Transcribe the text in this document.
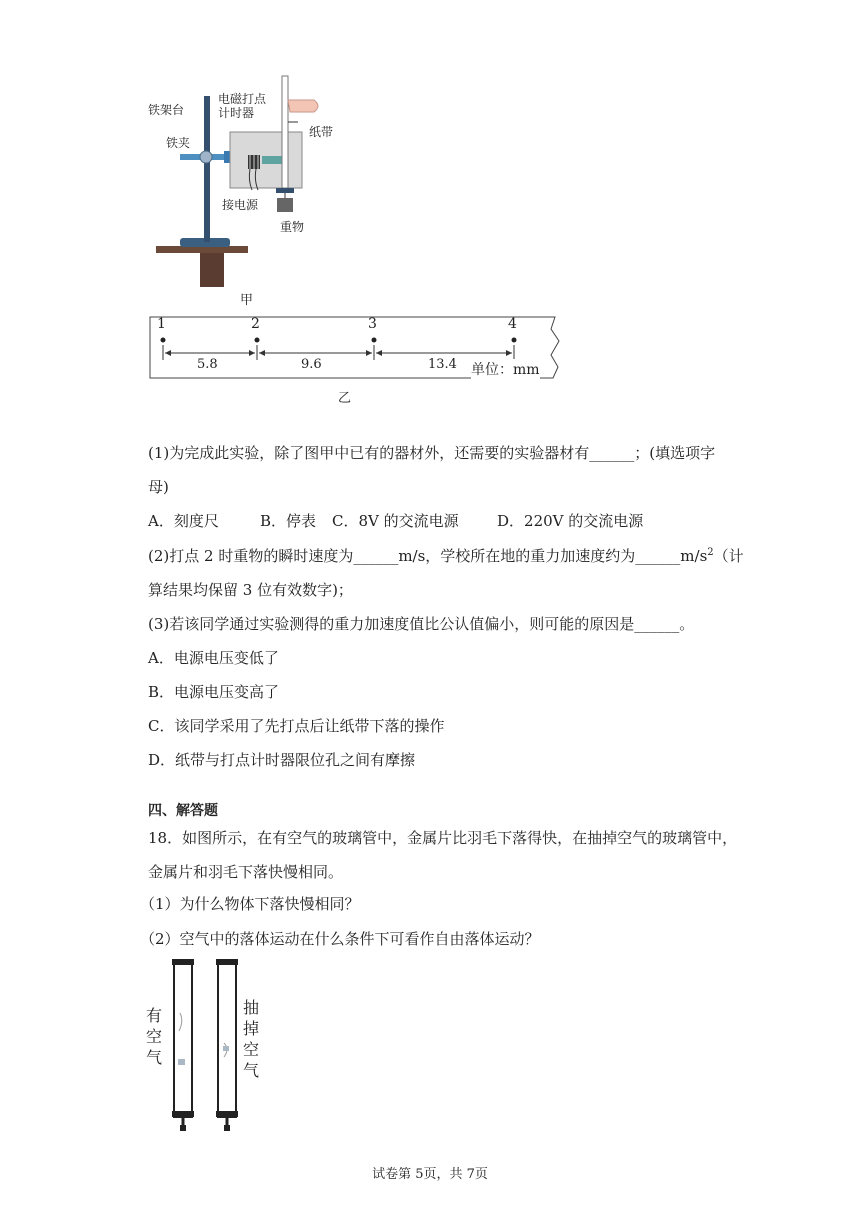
铁架台
电磁打点
计时器
铁夹
纸带
接电源
重物
甲
1	2	3	4
5.8	9.6	13.4 单位：mm
乙
(1)为完成此实验，除了图甲中已有的器材外，还需要的实验器材有______；(填选项字
母)
A．刻度尺	B．停表 C．8V 的交流电源	D．220V 的交流电源
(2)打点 2 时重物的瞬时速度为______m/s，学校所在地的重力加速度约为$\_\_\_\_\_\_m/s^2$（计
算结果均保留 3 位有效数字)；
(3)若该同学通过实验测得的重力加速度值比公认值偏小，则可能的原因是______。
A．电源电压变低了
B．电源电压变高了
C．该同学采用了先打点后让纸带下落的操作
D．纸带与打点计时器限位孔之间有摩擦
四、解答题
18．如图所示，在有空气的玻璃管中，金属片比羽毛下落得快，在抽掉空气的玻璃管中，
金属片和羽毛下落快慢相同。
（1）为什么物体下落快慢相同？
（2）空气中的落体运动在什么条件下可看作自由落体运动？
有空气
抽掉空气
试卷第 5页，共 7页
